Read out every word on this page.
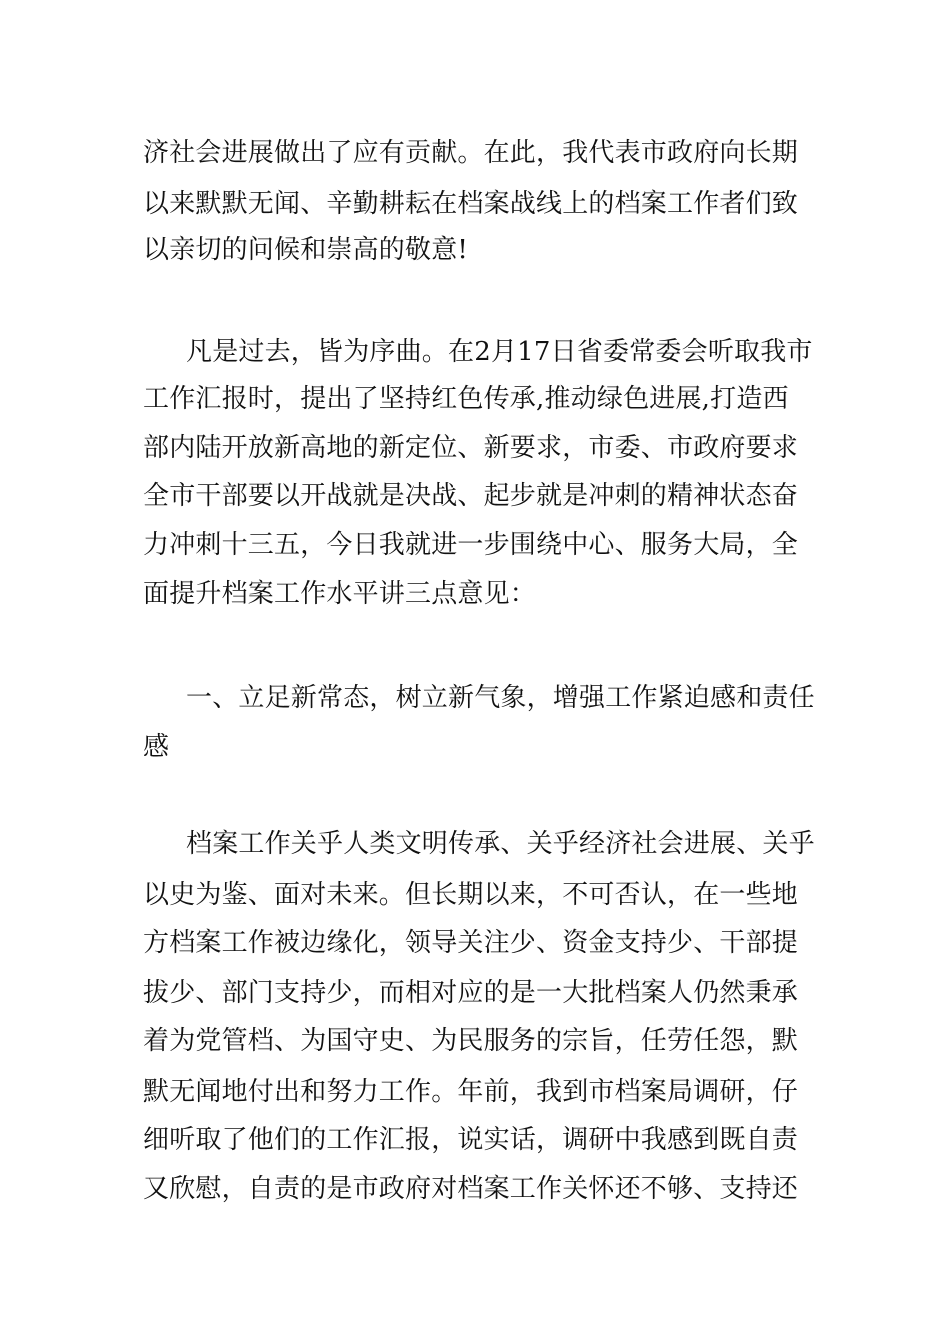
济社会进展做出了应有贡献。在此，我代表市政府向长期
以来默默无闻、辛勤耕耘在档案战线上的档案工作者们致
以亲切的问候和崇高的敬意!
凡是过去，皆为序曲。在2月17日省委常委会听取我市
工作汇报时，提出了坚持红色传承,推动绿色进展,打造西
部内陆开放新高地的新定位、新要求，市委、市政府要求
全市干部要以开战就是决战、起步就是冲刺的精神状态奋
力冲刺十三五，今日我就进一步围绕中心、服务大局，全
面提升档案工作水平讲三点意见：
一、立足新常态，树立新气象，增强工作紧迫感和责任
感
档案工作关乎人类文明传承、关乎经济社会进展、关乎
以史为鉴、面对未来。但长期以来，不可否认，在一些地
方档案工作被边缘化，领导关注少、资金支持少、干部提
拔少、部门支持少，而相对应的是一大批档案人仍然秉承
着为党管档、为国守史、为民服务的宗旨，任劳任怨，默
默无闻地付出和努力工作。年前，我到市档案局调研，仔
细听取了他们的工作汇报，说实话，调研中我感到既自责
又欣慰，自责的是市政府对档案工作关怀还不够、支持还
